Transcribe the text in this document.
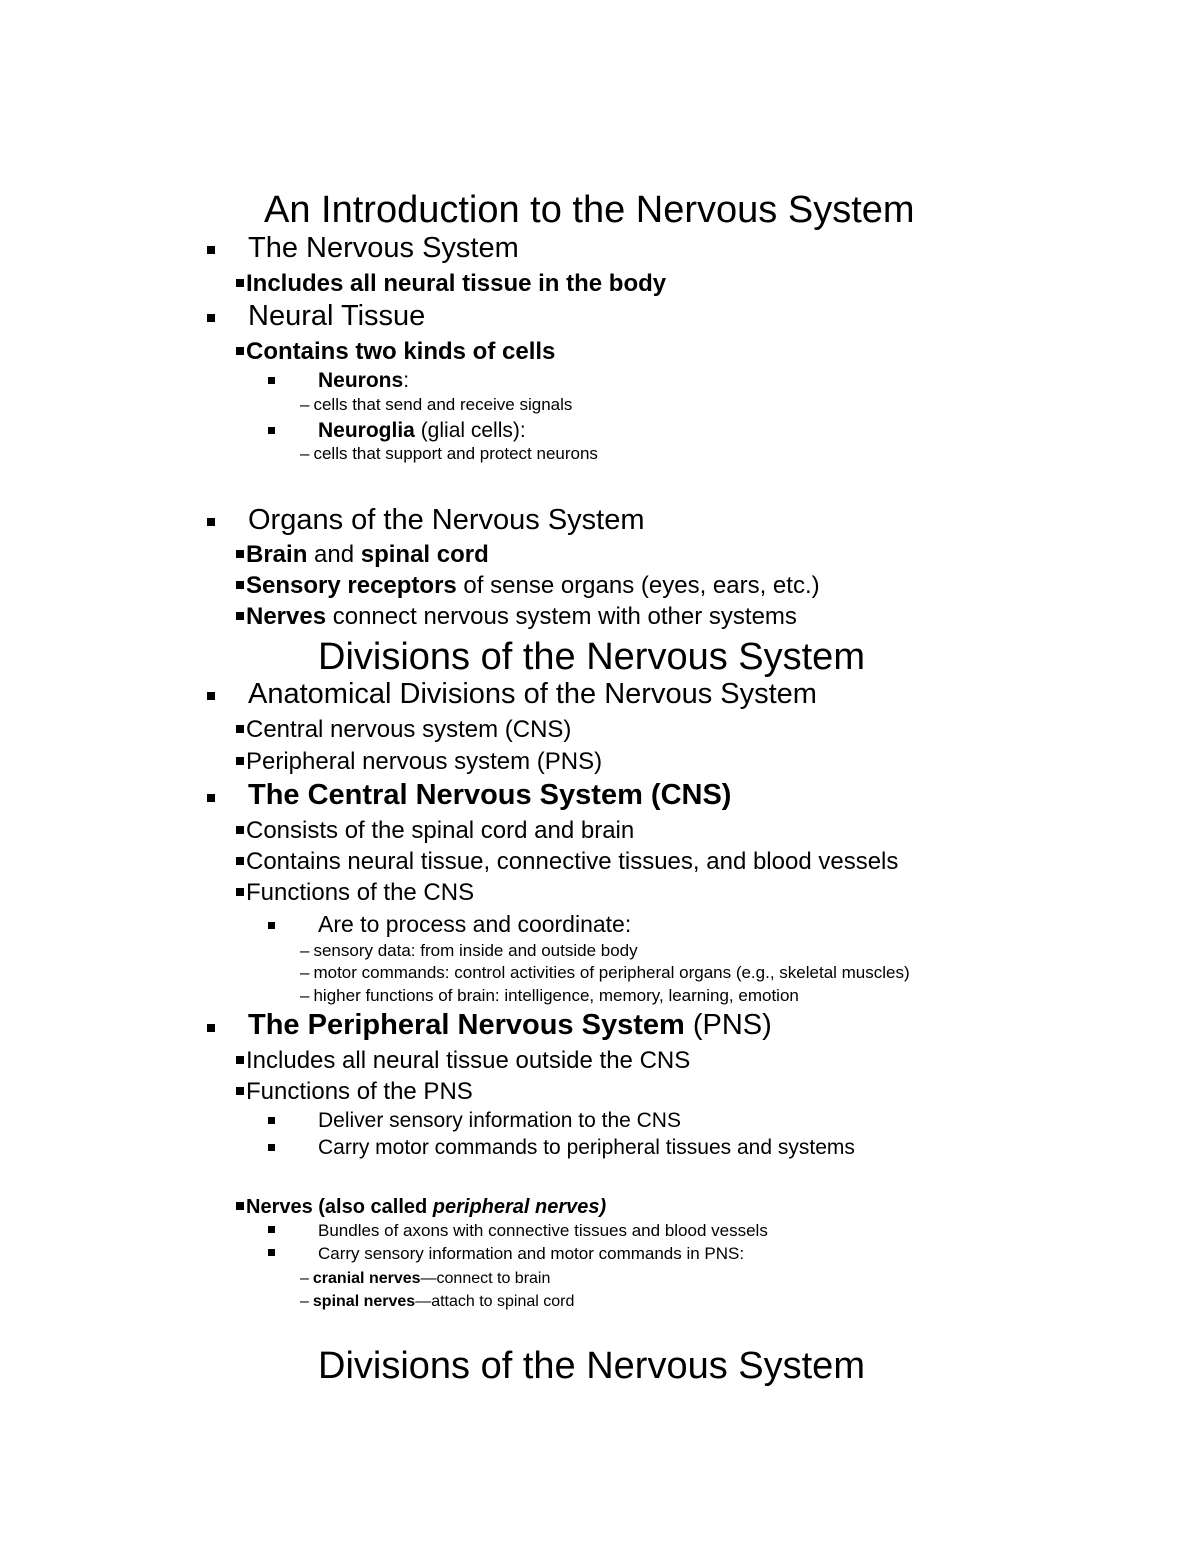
An Introduction to the Nervous System
The Nervous System
Includes all neural tissue in the body
Neural Tissue
Contains two kinds of cells
Neurons:
– cells that send and receive signals
Neuroglia (glial cells):
– cells that support and protect neurons
Organs of the Nervous System
Brain and spinal cord
Sensory receptors of sense organs (eyes, ears, etc.)
Nerves connect nervous system with other systems
Divisions of the Nervous System
Anatomical Divisions of the Nervous System
Central nervous system (CNS)
Peripheral nervous system (PNS)
The Central Nervous System (CNS)
Consists of the spinal cord and brain
Contains neural tissue, connective tissues, and blood vessels
Functions of the CNS
Are to process and coordinate:
– sensory data: from inside and outside body
– motor commands: control activities of peripheral organs (e.g., skeletal muscles)
– higher functions of brain: intelligence, memory, learning, emotion
The Peripheral Nervous System (PNS)
Includes all neural tissue outside the CNS
Functions of the PNS
Deliver sensory information to the CNS
Carry motor commands to peripheral tissues and systems
Nerves (also called peripheral nerves)
Bundles of axons with connective tissues and blood vessels
Carry sensory information and motor commands in PNS:
– cranial nerves—connect to brain
– spinal nerves—attach to spinal cord
Divisions of the Nervous System
